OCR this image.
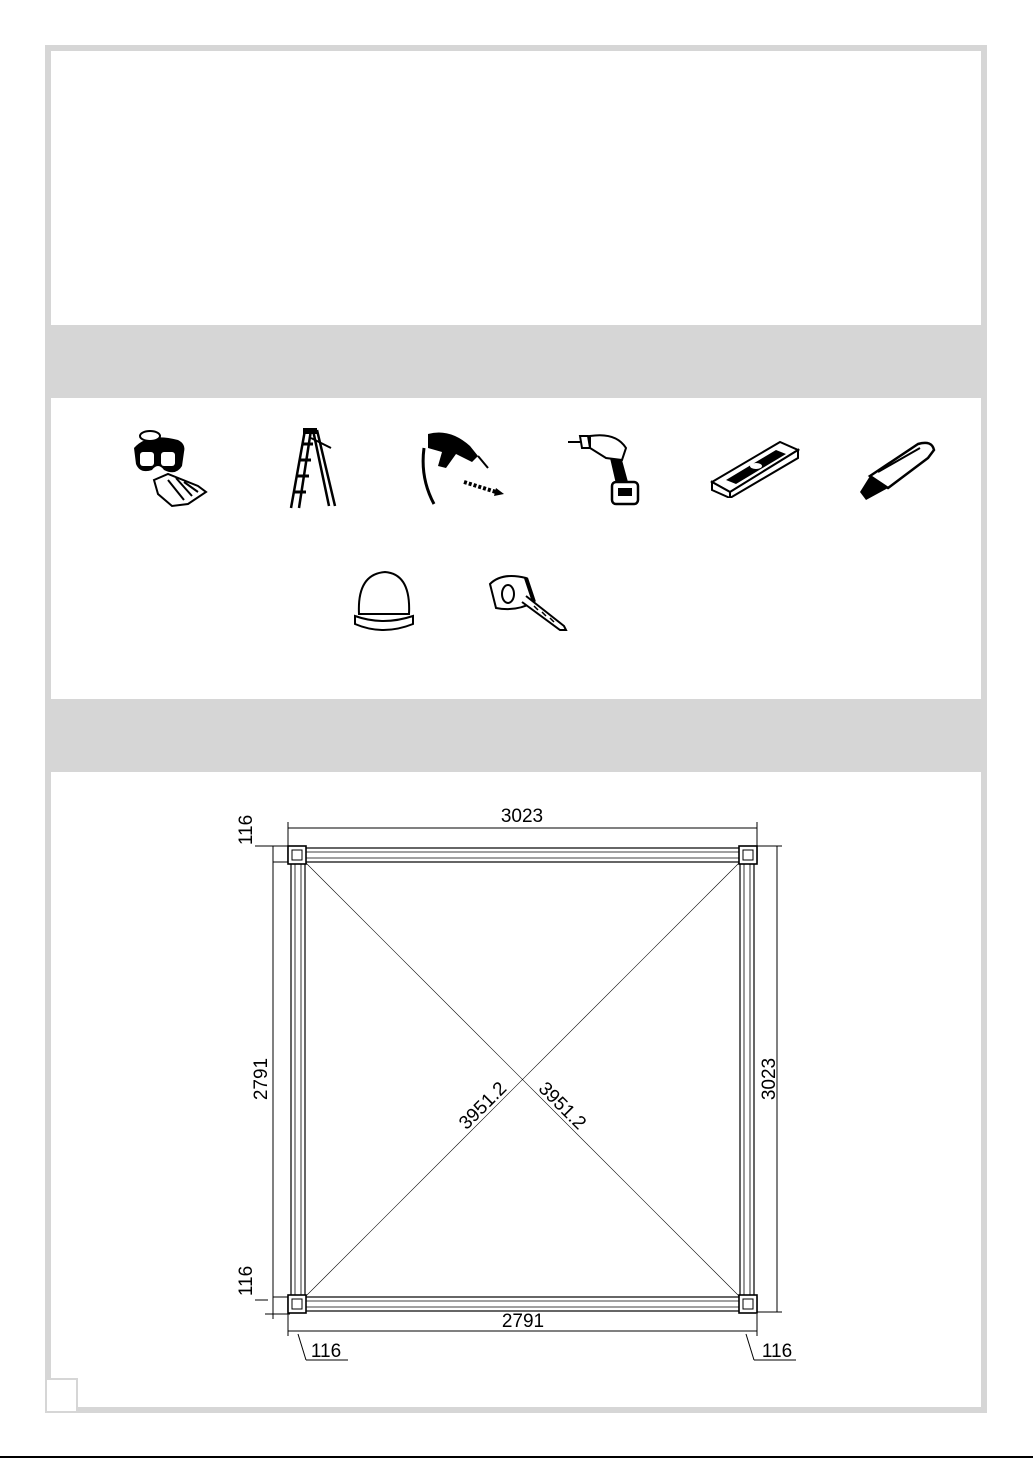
3023
2791
2791	3023
3951.2 3951.2
116
116
116	116
